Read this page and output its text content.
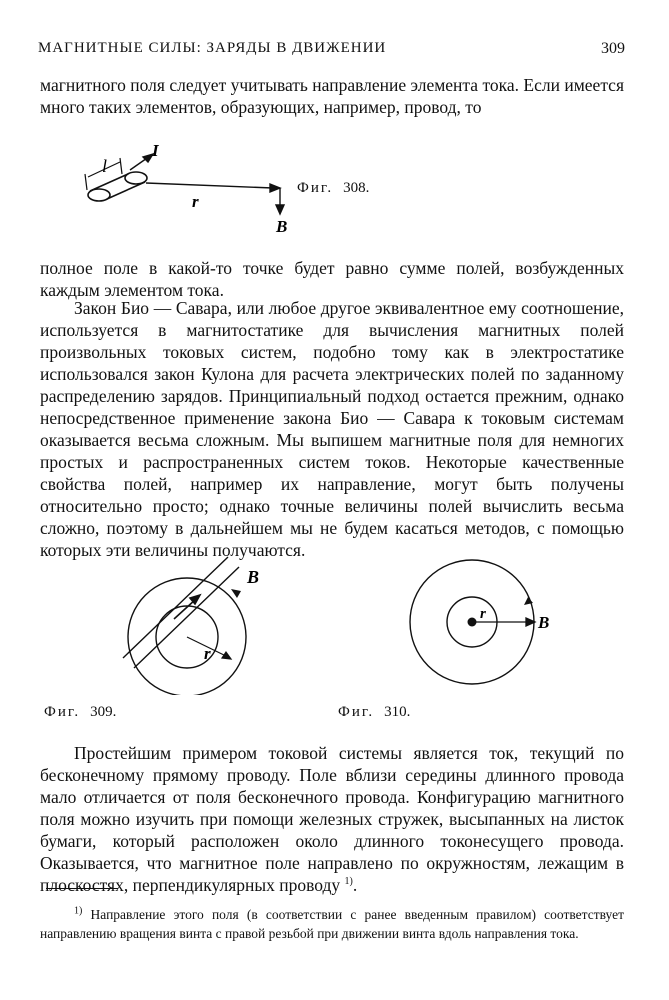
МАГНИТНЫЕ СИЛЫ: ЗАРЯДЫ В ДВИЖЕНИИ	309

магнитного поля следует учитывать направление элемента тока. Если имеется много таких элементов, образующих, например, провод, то

l
I
r
B
Фиг. 308.

полное поле в какой-то точке будет равно сумме полей, возбужденных каждым элементом тока.

Закон Био — Савара, или любое другое эквивалентное ему соотношение, используется в магнитостатике для вычисления магнитных полей произвольных токовых систем, подобно тому как в электростатике использовался закон Кулона для расчета электрических полей по заданному распределению зарядов. Принципиальный подход остается прежним, однако непосредственное применение закона Био — Савара к токовым системам оказывается весьма сложным. Мы выпишем магнитные поля для немногих простых и распространенных систем токов. Некоторые качественные свойства полей, например их направление, могут быть получены относительно просто; однако точные величины полей вычислить весьма сложно, поэтому в дальнейшем мы не будем касаться методов, с помощью которых эти величины получаются.

B
r
Фиг. 309.
r	B
Фиг. 310.

Простейшим примером токовой системы является ток, текущий по бесконечному прямому проводу. Поле вблизи середины длинного провода мало отличается от поля бесконечного провода. Конфигурацию магнитного поля можно изучить при помощи железных стружек, высыпанных на листок бумаги, который расположен около длинного токонесущего провода. Оказывается, что магнитное поле направлено по окружностям, лежащим в плоскостях, перпендикулярных проводу $^{1)}$.

$^{1)}$ Направление этого поля (в соответствии с ранее введенным правилом) соответствует направлению вращения винта с правой резьбой при движении винта вдоль направления тока.
